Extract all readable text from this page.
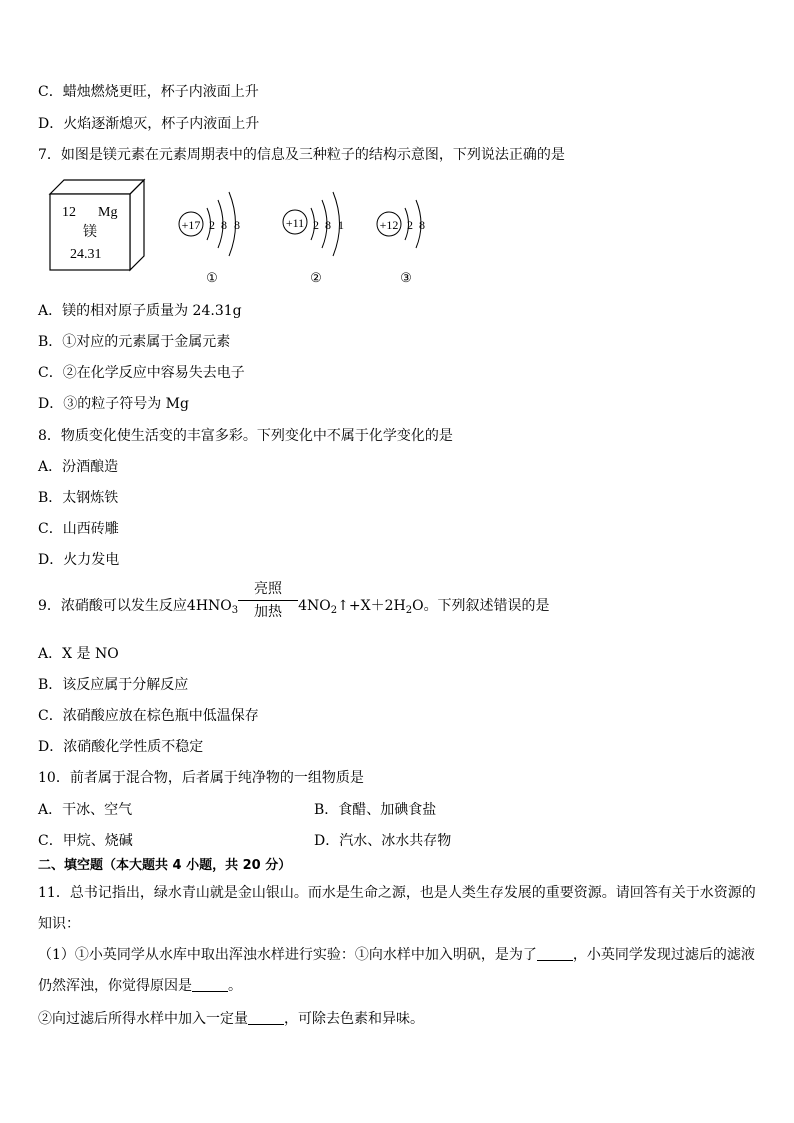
C．蜡烛燃烧更旺，杯子内液面上升
D．火焰逐渐熄灭，杯子内液面上升
7．如图是镁元素在元素周期表中的信息及三种粒子的结构示意图，下列说法正确的是
12 Mg
镁
24.31
+17 2 8 8
①
+11 2 8 1
②
+12 2 8
③
A．镁的相对原子质量为 24.31g
B．①对应的元素属于金属元素
C．②在化学反应中容易失去电子
D．③的粒子符号为 Mg
8．物质变化使生活变的丰富多彩。下列变化中不属于化学变化的是
A．汾酒酿造
B．太钢炼铁
C．山西砖雕
D．火力发电
9．浓硝酸可以发生反应$4HNO_3$	$4NO_2↑+X+2H_2O$。下列叙述错误的是
亮照
加热
A．X 是 NO
B．该反应属于分解反应
C．浓硝酸应放在棕色瓶中低温保存
D．浓硝酸化学性质不稳定
10．前者属于混合物，后者属于纯净物的一组物质是
A．干冰、空气	B．食醋、加碘食盐
C．甲烷、烧碱	D．汽水、冰水共存物
二、填空题（本大题共 4 小题，共 20 分）
11．总书记指出，绿水青山就是金山银山。而水是生命之源，也是人类生存发展的重要资源。请回答有关于水资源的
知识：
（1）①小英同学从水库中取出浑浊水样进行实验：①向水样中加入明矾，是为了	，小英同学发现过滤后的滤液
仍然浑浊，你觉得原因是	。
②向过滤后所得水样中加入一定量	，可除去色素和异味。
